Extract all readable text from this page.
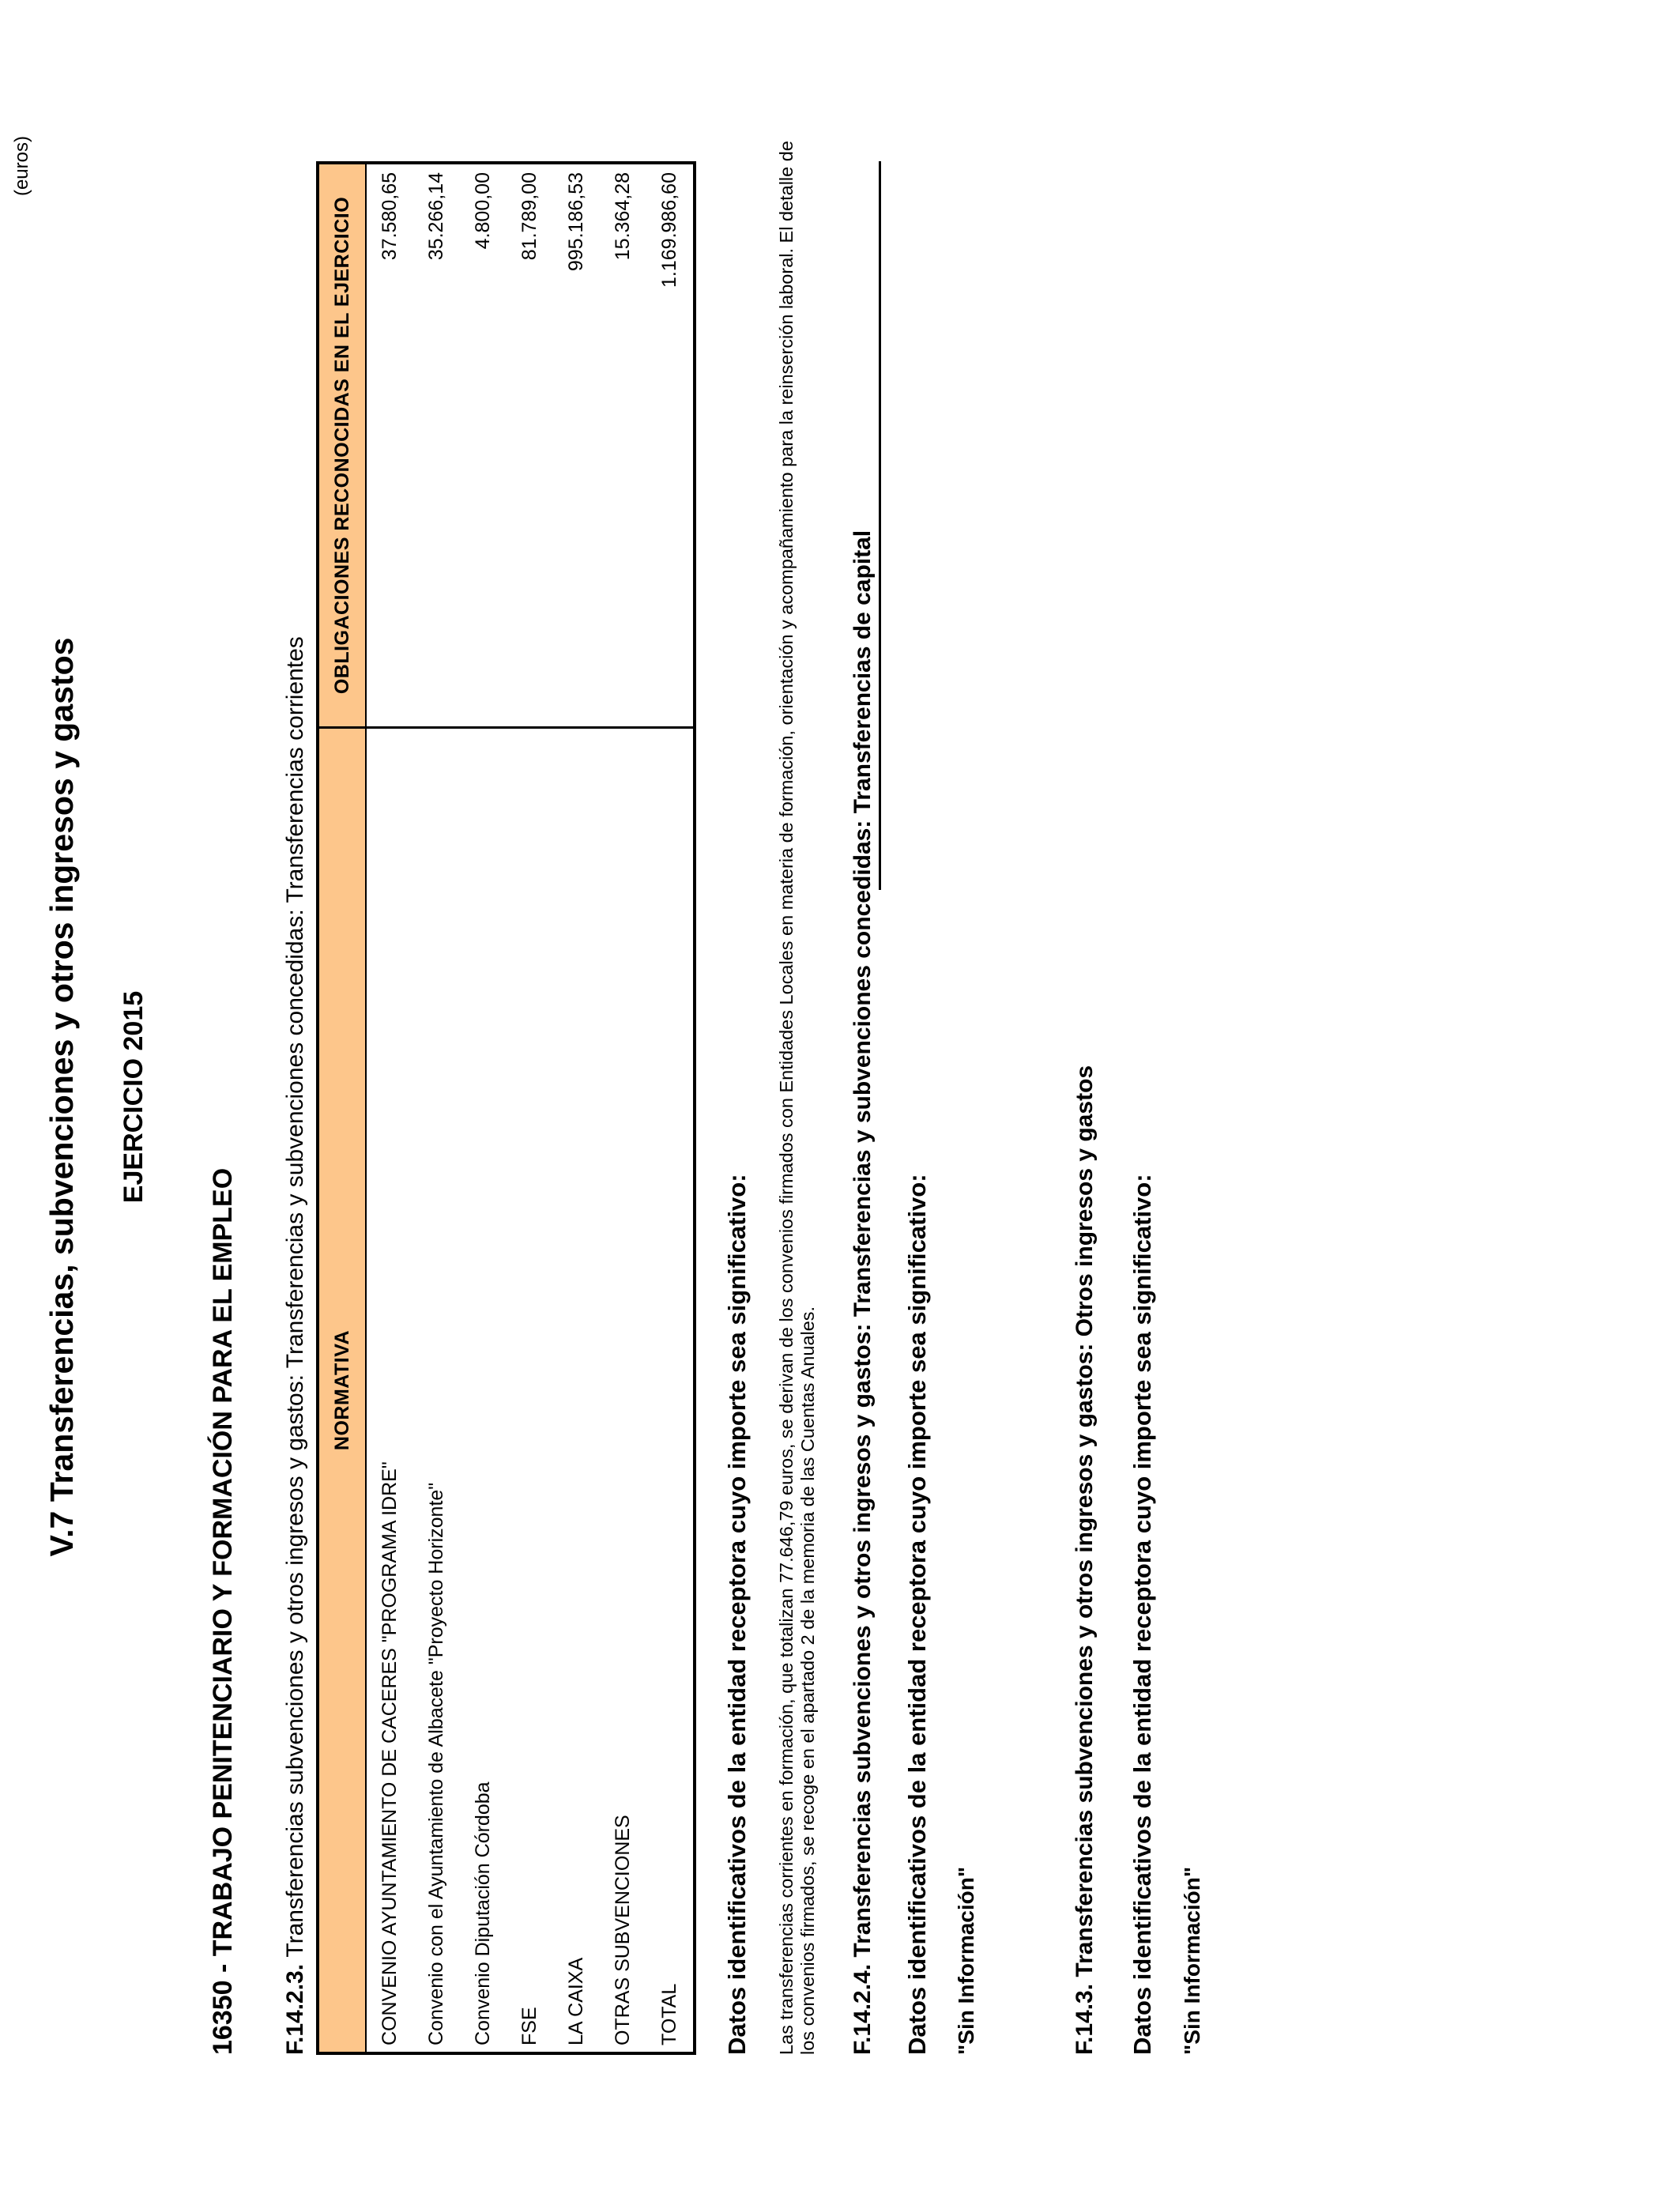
(euros)
V.7 Transferencias, subvenciones y otros ingresos y gastos EJERCICIO 2015
16350 - TRABAJO PENITENCIARIO Y FORMACIÓN PARA EL EMPLEO F.14.2.3. Transferencias subvenciones y otros ingresos y gastos: Transferencias y subvenciones concedidas: Transferencias corrientes NORMATIVA	OBLIGACIONES RECONOCIDAS EN EL EJERCICIO
CONVENIO AYUNTAMIENTO DE CACERES "PROGRAMA IDRE"	37.580,65
Convenio con el Ayuntamiento de Albacete "Proyecto Horizonte"	35.266,14
Convenio Diputación Córdoba	4.800,00
FSE	81.789,00
LA CAIXA	995.186,53
OTRAS SUBVENCIONES	15.364,28
TOTAL	1.169.986,60
Datos identificativos de la entidad receptora cuyo importe sea significativo: Las transferencias corrientes en formación, que totalizan 77.646,79 euros, se derivan de los convenios firmados con Entidades Locales en materia de formación, orientación y acompañamiento para la reinserción laboral. El detalle de los convenios firmados, se recoge en el apartado 2 de la memoria de las Cuentas Anuales. F.14.2.4. Transferencias subvenciones y otros ingresos y gastos: Transferencias y subvenciones concedidas: Transferencias de capital Datos identificativos de la entidad receptora cuyo importe sea significativo: "Sin Información"	F.14.3. Transferencias subvenciones y otros ingresos y gastos: Otros ingresos y gastos Datos identificativos de la entidad receptora cuyo importe sea significativo: "Sin Información"
